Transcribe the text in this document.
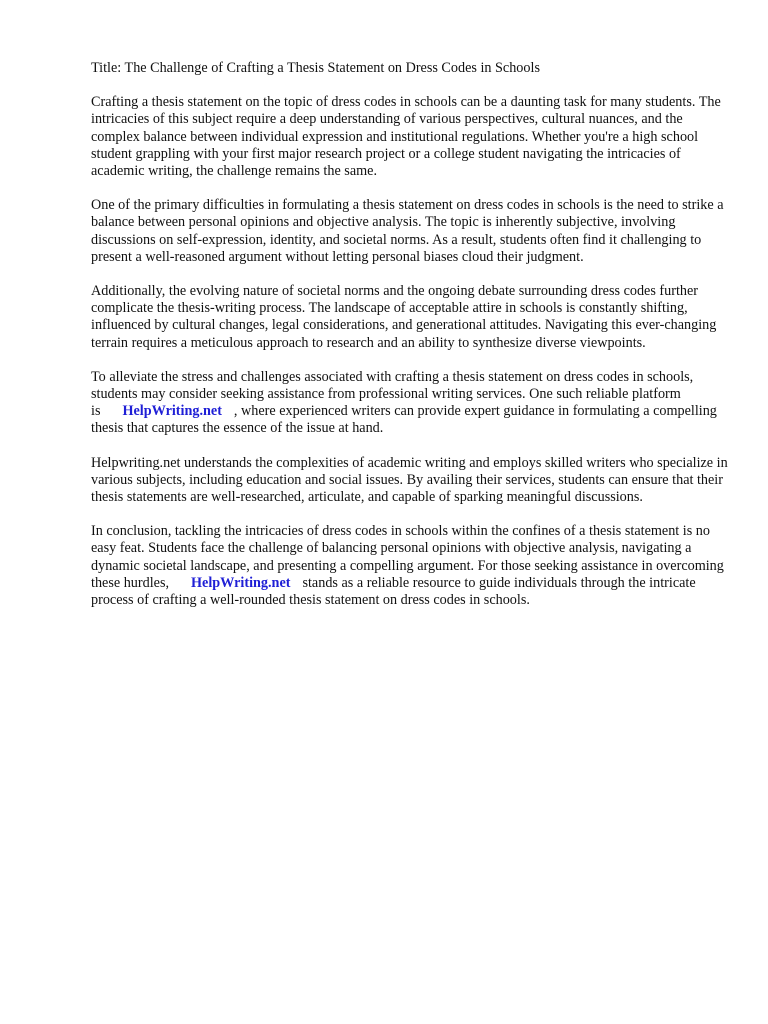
Title: The Challenge of Crafting a Thesis Statement on Dress Codes in Schools

Crafting a thesis statement on the topic of dress codes in schools can be a daunting task for many students. The intricacies of this subject require a deep understanding of various perspectives, cultural nuances, and the complex balance between individual expression and institutional regulations. Whether you're a high school student grappling with your first major research project or a college student navigating the intricacies of academic writing, the challenge remains the same.

One of the primary difficulties in formulating a thesis statement on dress codes in schools is the need to strike a balance between personal opinions and objective analysis. The topic is inherently subjective, involving discussions on self-expression, identity, and societal norms. As a result, students often find it challenging to present a well-reasoned argument without letting personal biases cloud their judgment.

Additionally, the evolving nature of societal norms and the ongoing debate surrounding dress codes further complicate the thesis-writing process. The landscape of acceptable attire in schools is constantly shifting, influenced by cultural changes, legal considerations, and generational attitudes. Navigating this ever-changing terrain requires a meticulous approach to research and an ability to synthesize diverse viewpoints.

To alleviate the stress and challenges associated with crafting a thesis statement on dress codes in schools, students may consider seeking assistance from professional writing services. One such reliable platform is HelpWriting.net , where experienced writers can provide expert guidance in formulating a compelling thesis that captures the essence of the issue at hand.

Helpwriting.net understands the complexities of academic writing and employs skilled writers who specialize in various subjects, including education and social issues. By availing their services, students can ensure that their thesis statements are well-researched, articulate, and capable of sparking meaningful discussions.

In conclusion, tackling the intricacies of dress codes in schools within the confines of a thesis statement is no easy feat. Students face the challenge of balancing personal opinions with objective analysis, navigating a dynamic societal landscape, and presenting a compelling argument. For those seeking assistance in overcoming these hurdles, HelpWriting.net stands as a reliable resource to guide individuals through the intricate process of crafting a well-rounded thesis statement on dress codes in schools.
